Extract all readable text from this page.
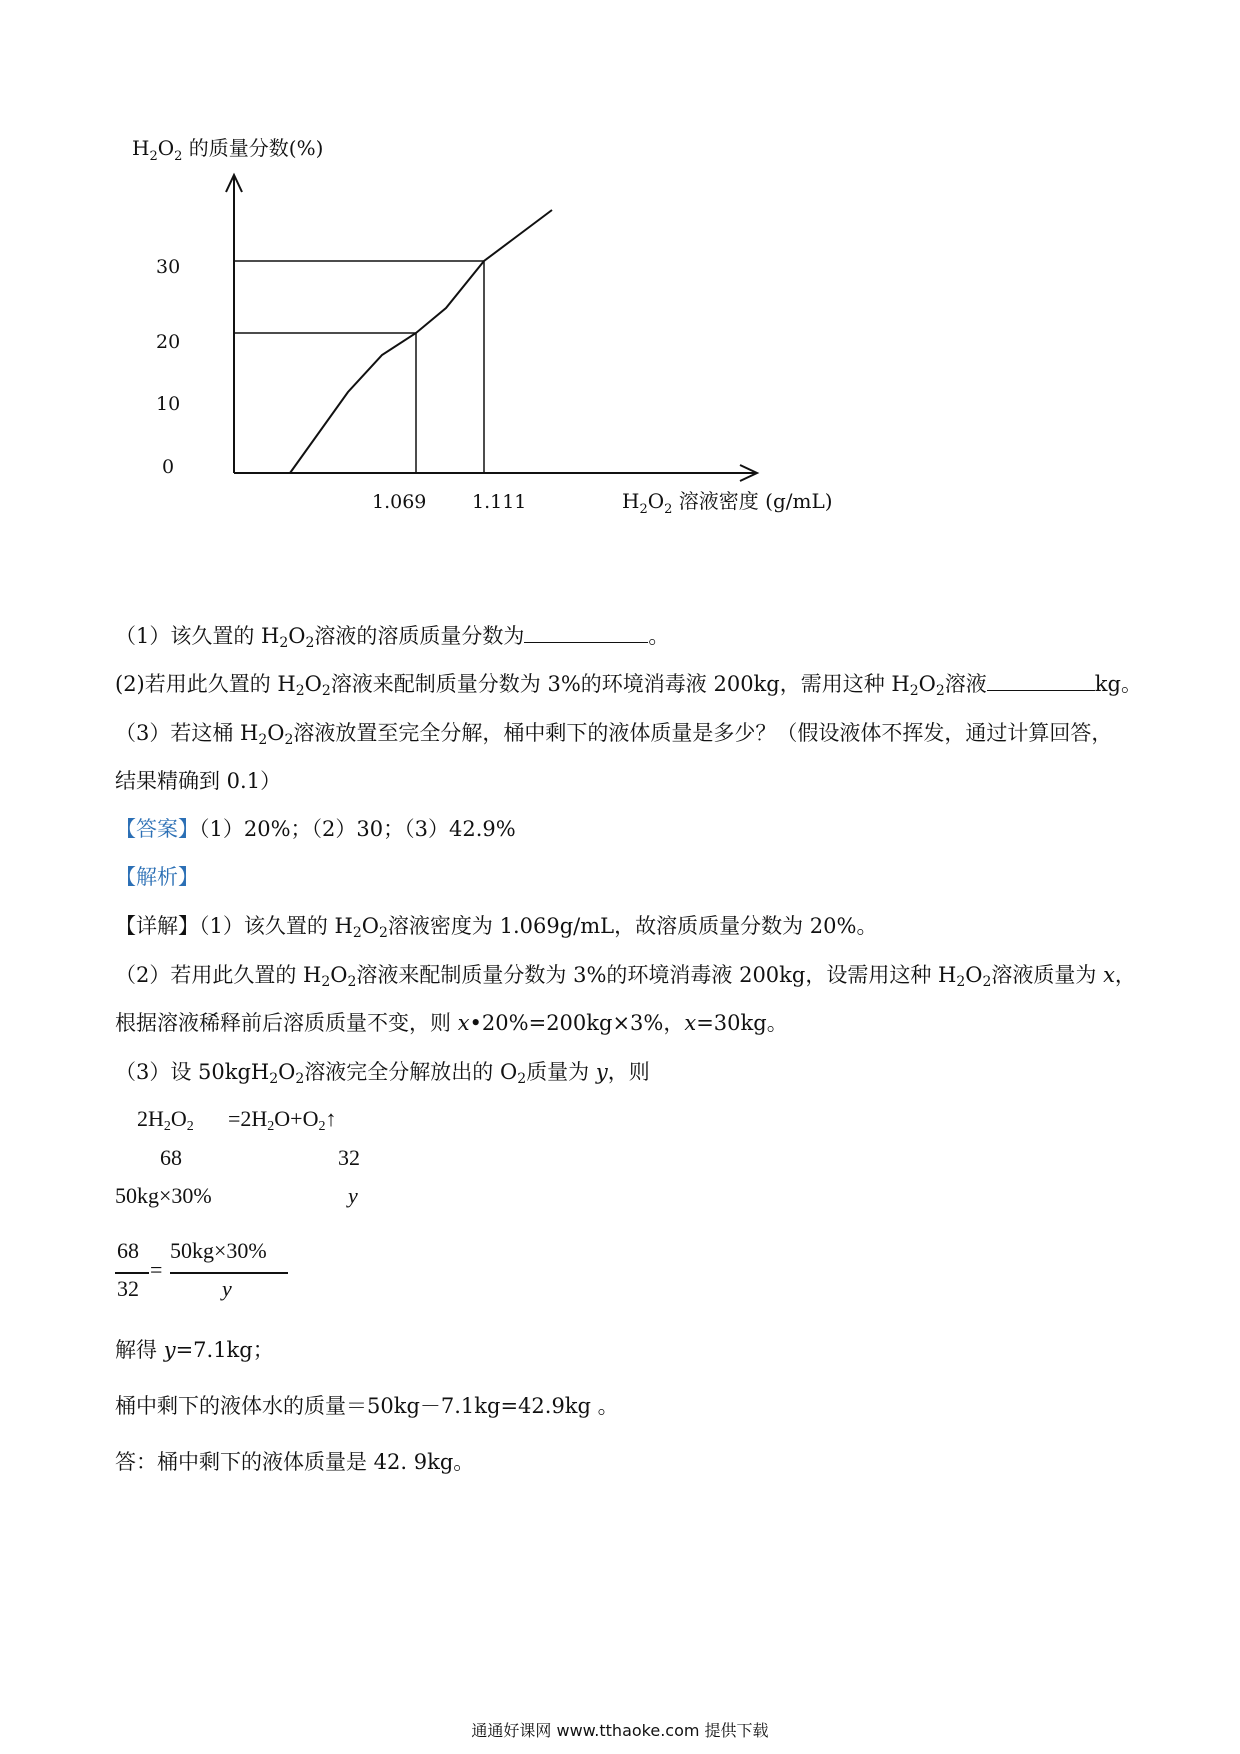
$H_2O_2$ 的质量分数(%)
30
20
10
0
1.069 1.111	$H_2O_2$ 溶液密度 (g/mL)
（1）该久置的 $H_2O_2$溶液的溶质质量分数为	。
(2)若用此久置的 $H_2O_2$溶液来配制质量分数为 3%的环境消毒液 200kg，需用这种 $H_2O_2$溶液	kg。
（3）若这桶 $H_2O_2$溶液放置至完全分解，桶中剩下的液体质量是多少？（假设液体不挥发，通过计算回答，
结果精确到 0.1）
【答案】（1）20%；（2）30；（3）42.9%
【解析】
【详解】（1）该久置的 $H_2O_2$溶液密度为 1.069g/mL，故溶质质量分数为 20%。
（2）若用此久置的 $H_2O_2$溶液来配制质量分数为 3%的环境消毒液 200kg，设需用这种 $H_2O_2$溶液质量为 x，
根据溶液稀释前后溶质质量不变，则 x•20%=200kg×3%，x=30kg。
（3）设 $50kgH_2O_2$溶液完全分解放出的 $O_2$质量为 y，则
$2H_2O_2$ $=2H_2O+O_2↑$
68	32
50kg×30%	y
68
32
=
50kg×30%
y
解得 y=7.1kg；
桶中剩下的液体水的质量＝50kg－7.1kg=42.9kg 。
答：桶中剩下的液体质量是 42. 9kg。
通通好课网 www.tthaoke.com 提供下载
